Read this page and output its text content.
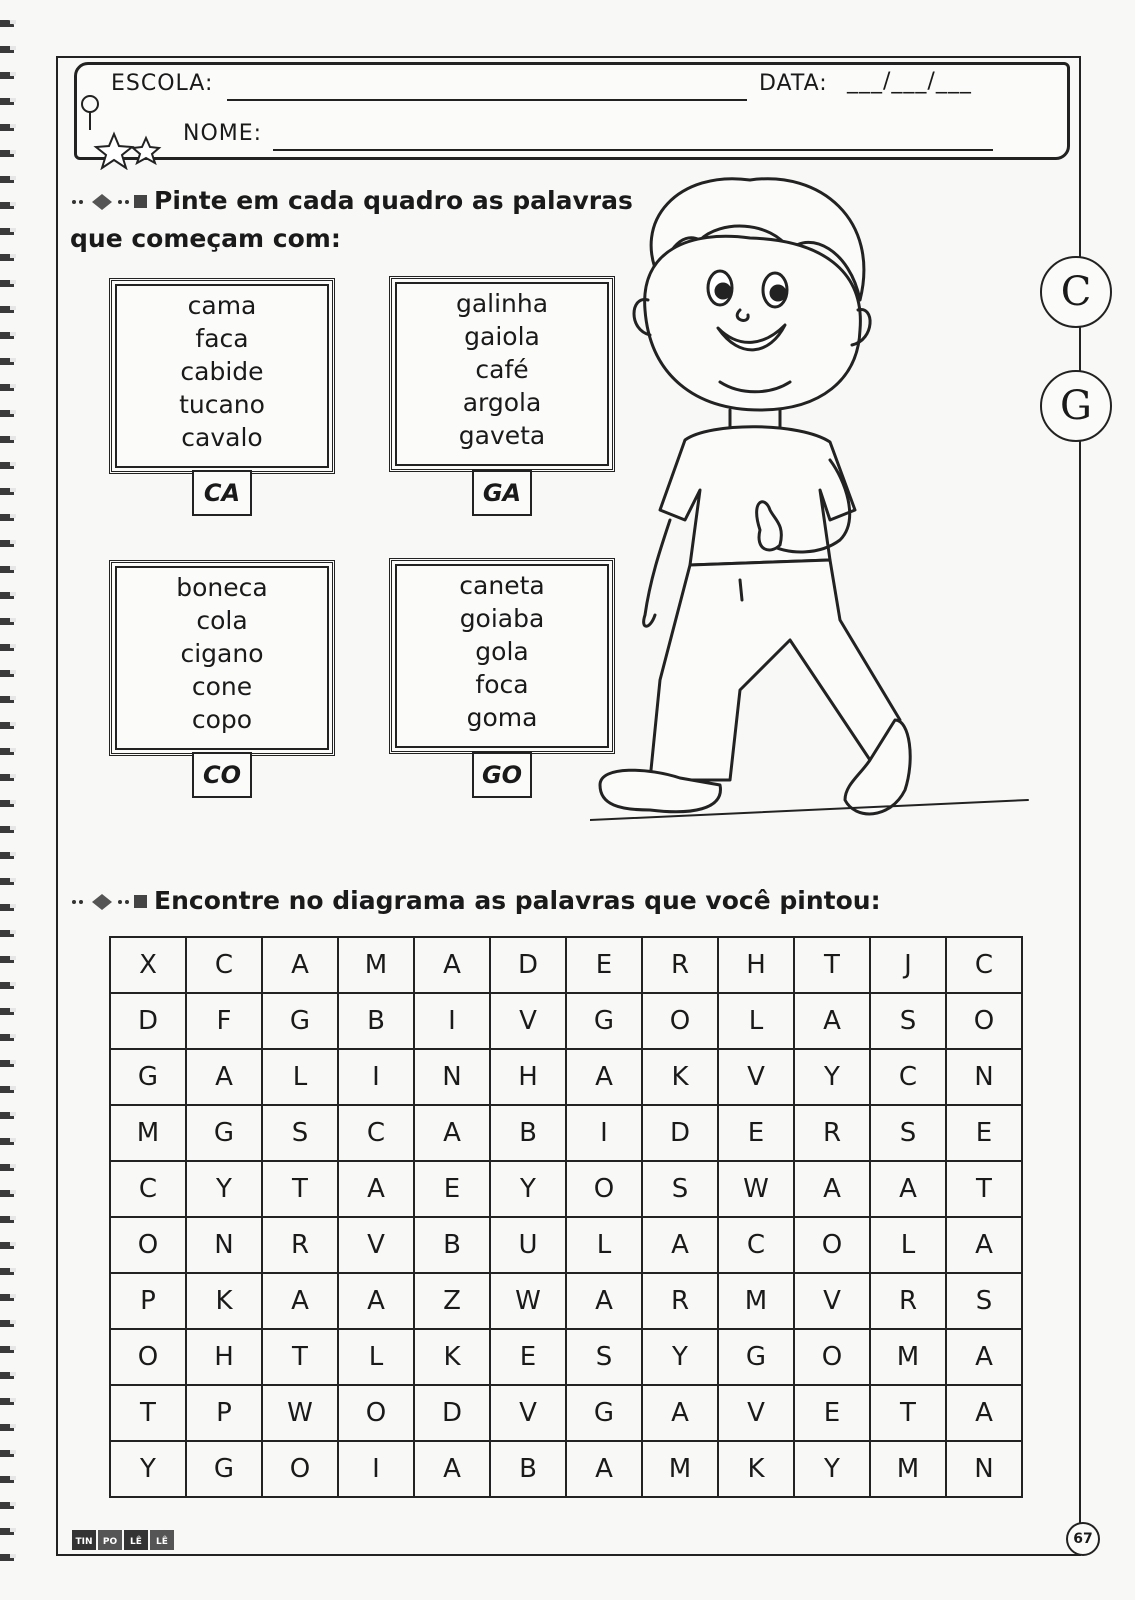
ESCOLA:	DATA: ___/___/___
NOME:
Pinte em cada quadro as palavras
que começam com:
cama
faca
cabide
tucano
cavalo
CA
galinha
gaiola
café
argola
gaveta
GA
boneca
cola
cigano
cone
copo
CO
caneta
goiaba
gola
foca
goma
GO
C
G
Encontre no diagrama as palavras que você pintou:
X	C	A	M	A	D	E	R	H	T	J	C
D	F	G	B	I	V	G	O	L	A	S	O
G	A	L	I	N	H	A	K	V	Y	C	N
M	G	S	C	A	B	I	D	E	R	S	E
C	Y	T	A	E	Y	O	S	W	A	A	T
O	N	R	V	B	U	L	A	C	O	L	A
P	K	A	A	Z	W	A	R	M	V	R	S
O	H	T	L	K	E	S	Y	G	O	M	A
T	P	W	O	D	V	G	A	V	E	T	A
Y	G	O	I	A	B	A	M	K	Y	M	N
TIN PO LÊ LÊ	67
